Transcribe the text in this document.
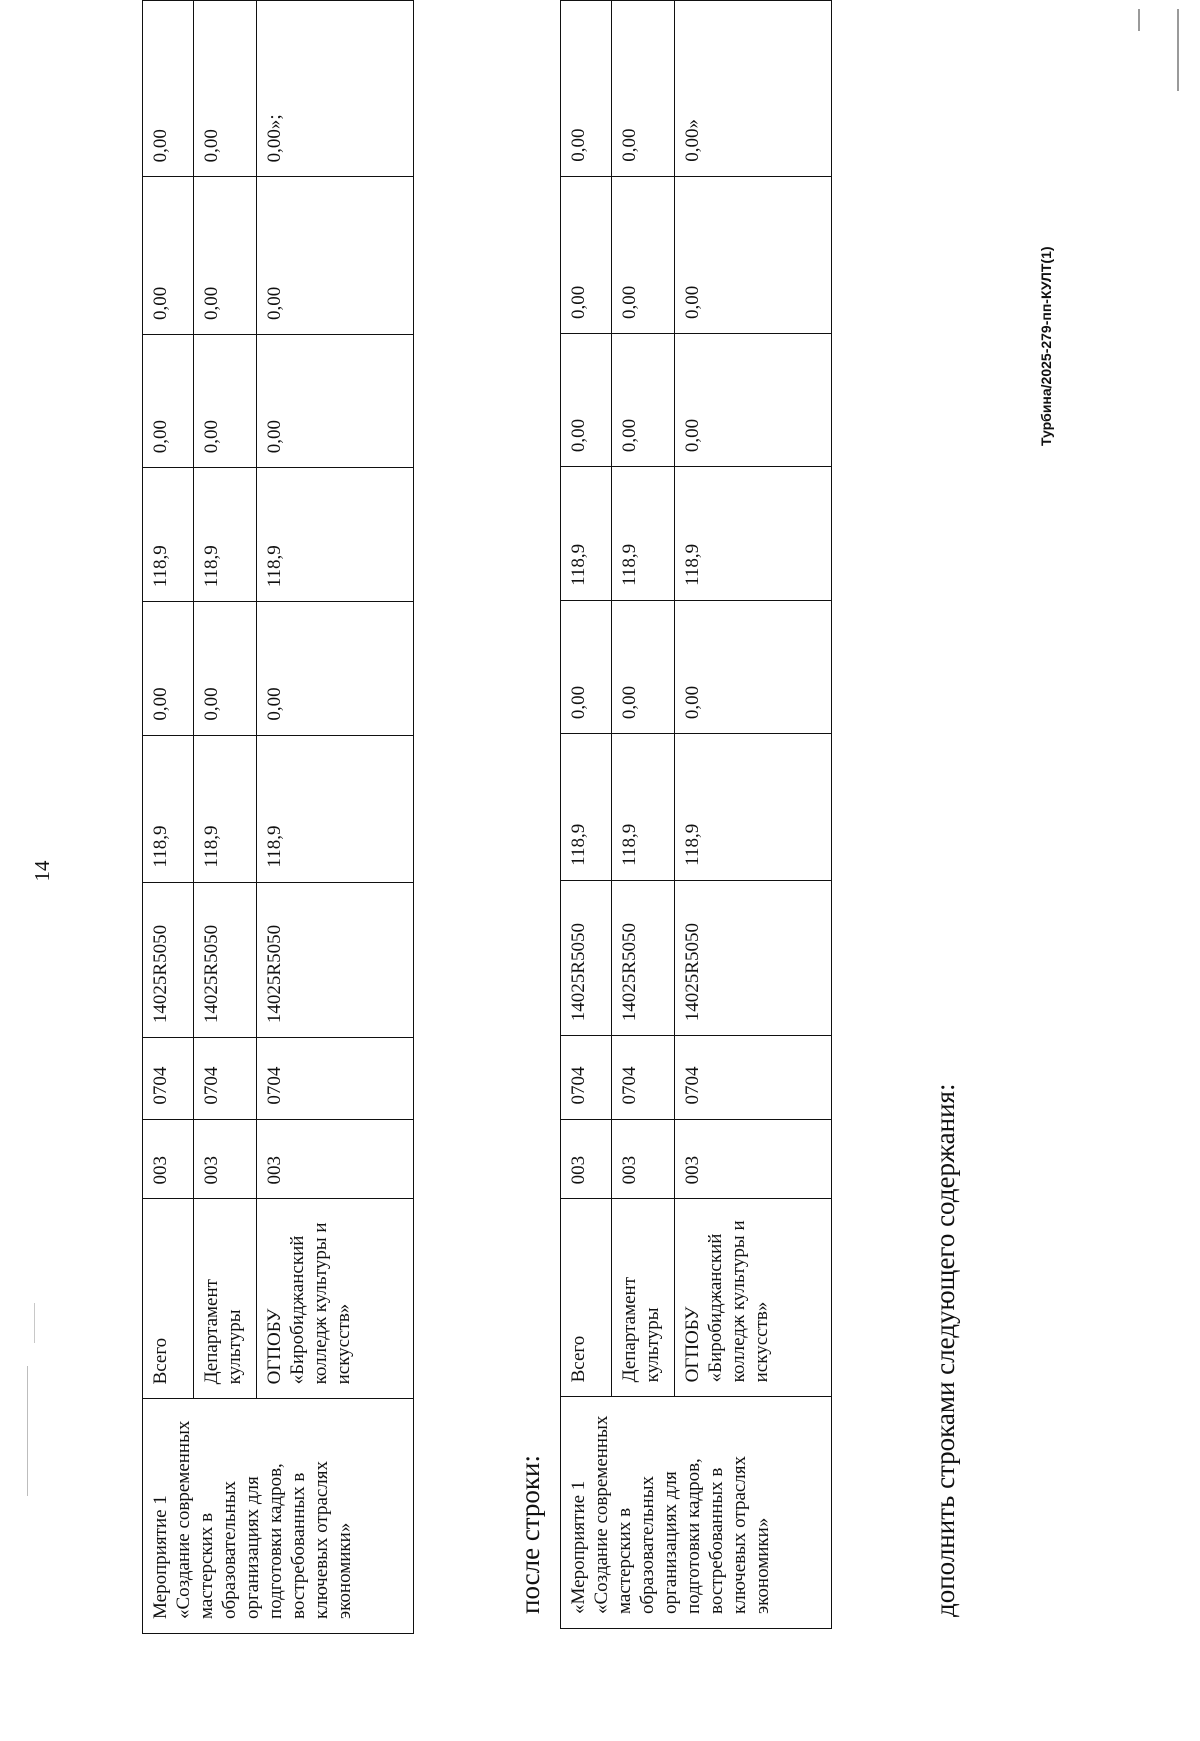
14
Мероприятие 1 «Создание современных мастерских в образовательных организациях для подготовки кадров, востребованных в ключевых отраслях экономики»	Всего	003	0704	14025R5050	118,9	0,00	118,9	0,00	0,00	0,00
	Департамент культуры	003	0704	14025R5050	118,9	0,00	118,9	0,00	0,00	0,00
	ОГПОБУ «Биробиджанский колледж культуры и искусств»	003	0704	14025R5050	118,9	0,00	118,9	0,00	0,00	0,00»;
после строки: «Мероприятие 1 «Создание современных мастерских в образовательных организациях для подготовки кадров, востребованных в ключевых отраслях экономики»	Всего	003	0704	14025R5050	118,9	0,00	118,9	0,00	0,00	0,00
	Департамент культуры	003	0704	14025R5050	118,9	0,00	118,9	0,00	0,00	0,00
	ОГПОБУ «Биробиджанский колледж культуры и искусств»	003	0704	14025R5050	118,9	0,00	118,9	0,00	0,00	0,00»
дополнить строками следующего содержания:
Турбина/2025-279-пп-КУЛТ(1)
